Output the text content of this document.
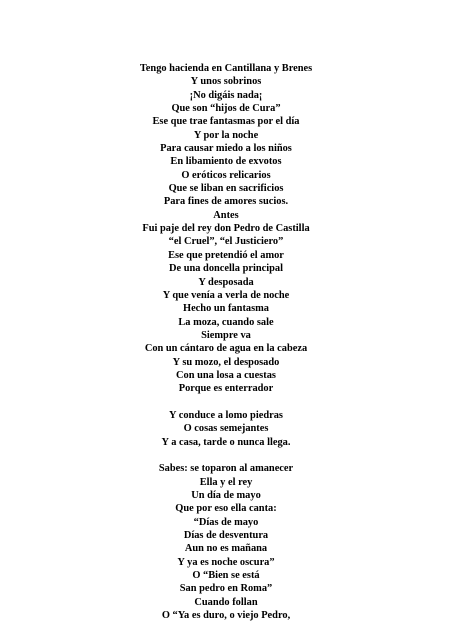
Tengo hacienda en Cantillana y Brenes
Y unos sobrinos
¡No digáis nada¡
Que son “hijos de Cura”
Ese que trae fantasmas por el día
Y por la noche
Para causar miedo a los niños
En libamiento de exvotos
O eróticos relicarios
Que se liban en sacrificios
Para fines de amores sucios.
Antes
Fui paje del rey don Pedro de Castilla
“el Cruel”, “el Justiciero”
Ese que pretendió el amor
De una doncella principal
Y desposada
Y que venía a verla de noche
Hecho un fantasma
La moza, cuando sale
Siempre va
Con un cántaro de agua en la cabeza
Y su mozo, el desposado
Con una losa a cuestas
Porque es enterrador
Y conduce a lomo piedras
O cosas semejantes
Y a casa, tarde o nunca llega.
Sabes: se toparon al amanecer
Ella y el rey
Un día de mayo
Que por eso ella canta:
“Días de mayo
Días de desventura
Aun no es mañana
Y ya es noche oscura”
O “Bien se está
San pedro en Roma”
Cuando follan
O “Ya es duro, o viejo Pedro,
